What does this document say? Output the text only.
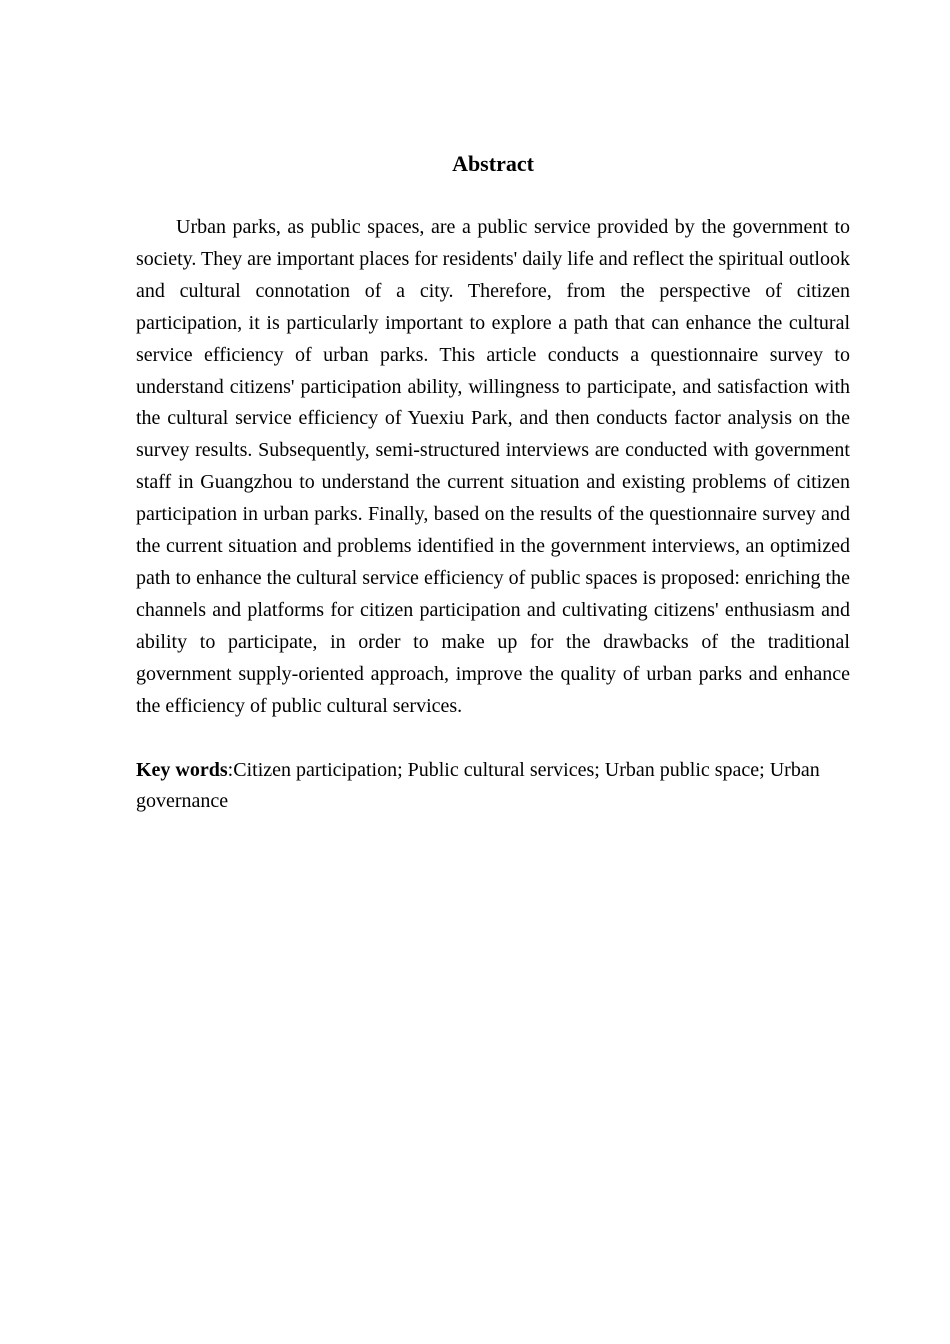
Abstract

Urban parks, as public spaces, are a public service provided by the government to society. They are important places for residents' daily life and reflect the spiritual outlook and cultural connotation of a city. Therefore, from the perspective of citizen participation, it is particularly important to explore a path that can enhance the cultural service efficiency of urban parks. This article conducts a questionnaire survey to understand citizens' participation ability, willingness to participate, and satisfaction with the cultural service efficiency of Yuexiu Park, and then conducts factor analysis on the survey results. Subsequently, semi-structured interviews are conducted with government staff in Guangzhou to understand the current situation and existing problems of citizen participation in urban parks. Finally, based on the results of the questionnaire survey and the current situation and problems identified in the government interviews, an optimized path to enhance the cultural service efficiency of public spaces is proposed: enriching the channels and platforms for citizen participation and cultivating citizens' enthusiasm and ability to participate, in order to make up for the drawbacks of the traditional government supply-oriented approach, improve the quality of urban parks and enhance the efficiency of public cultural services.

Key words:Citizen participation; Public cultural services; Urban public space; Urban governance
